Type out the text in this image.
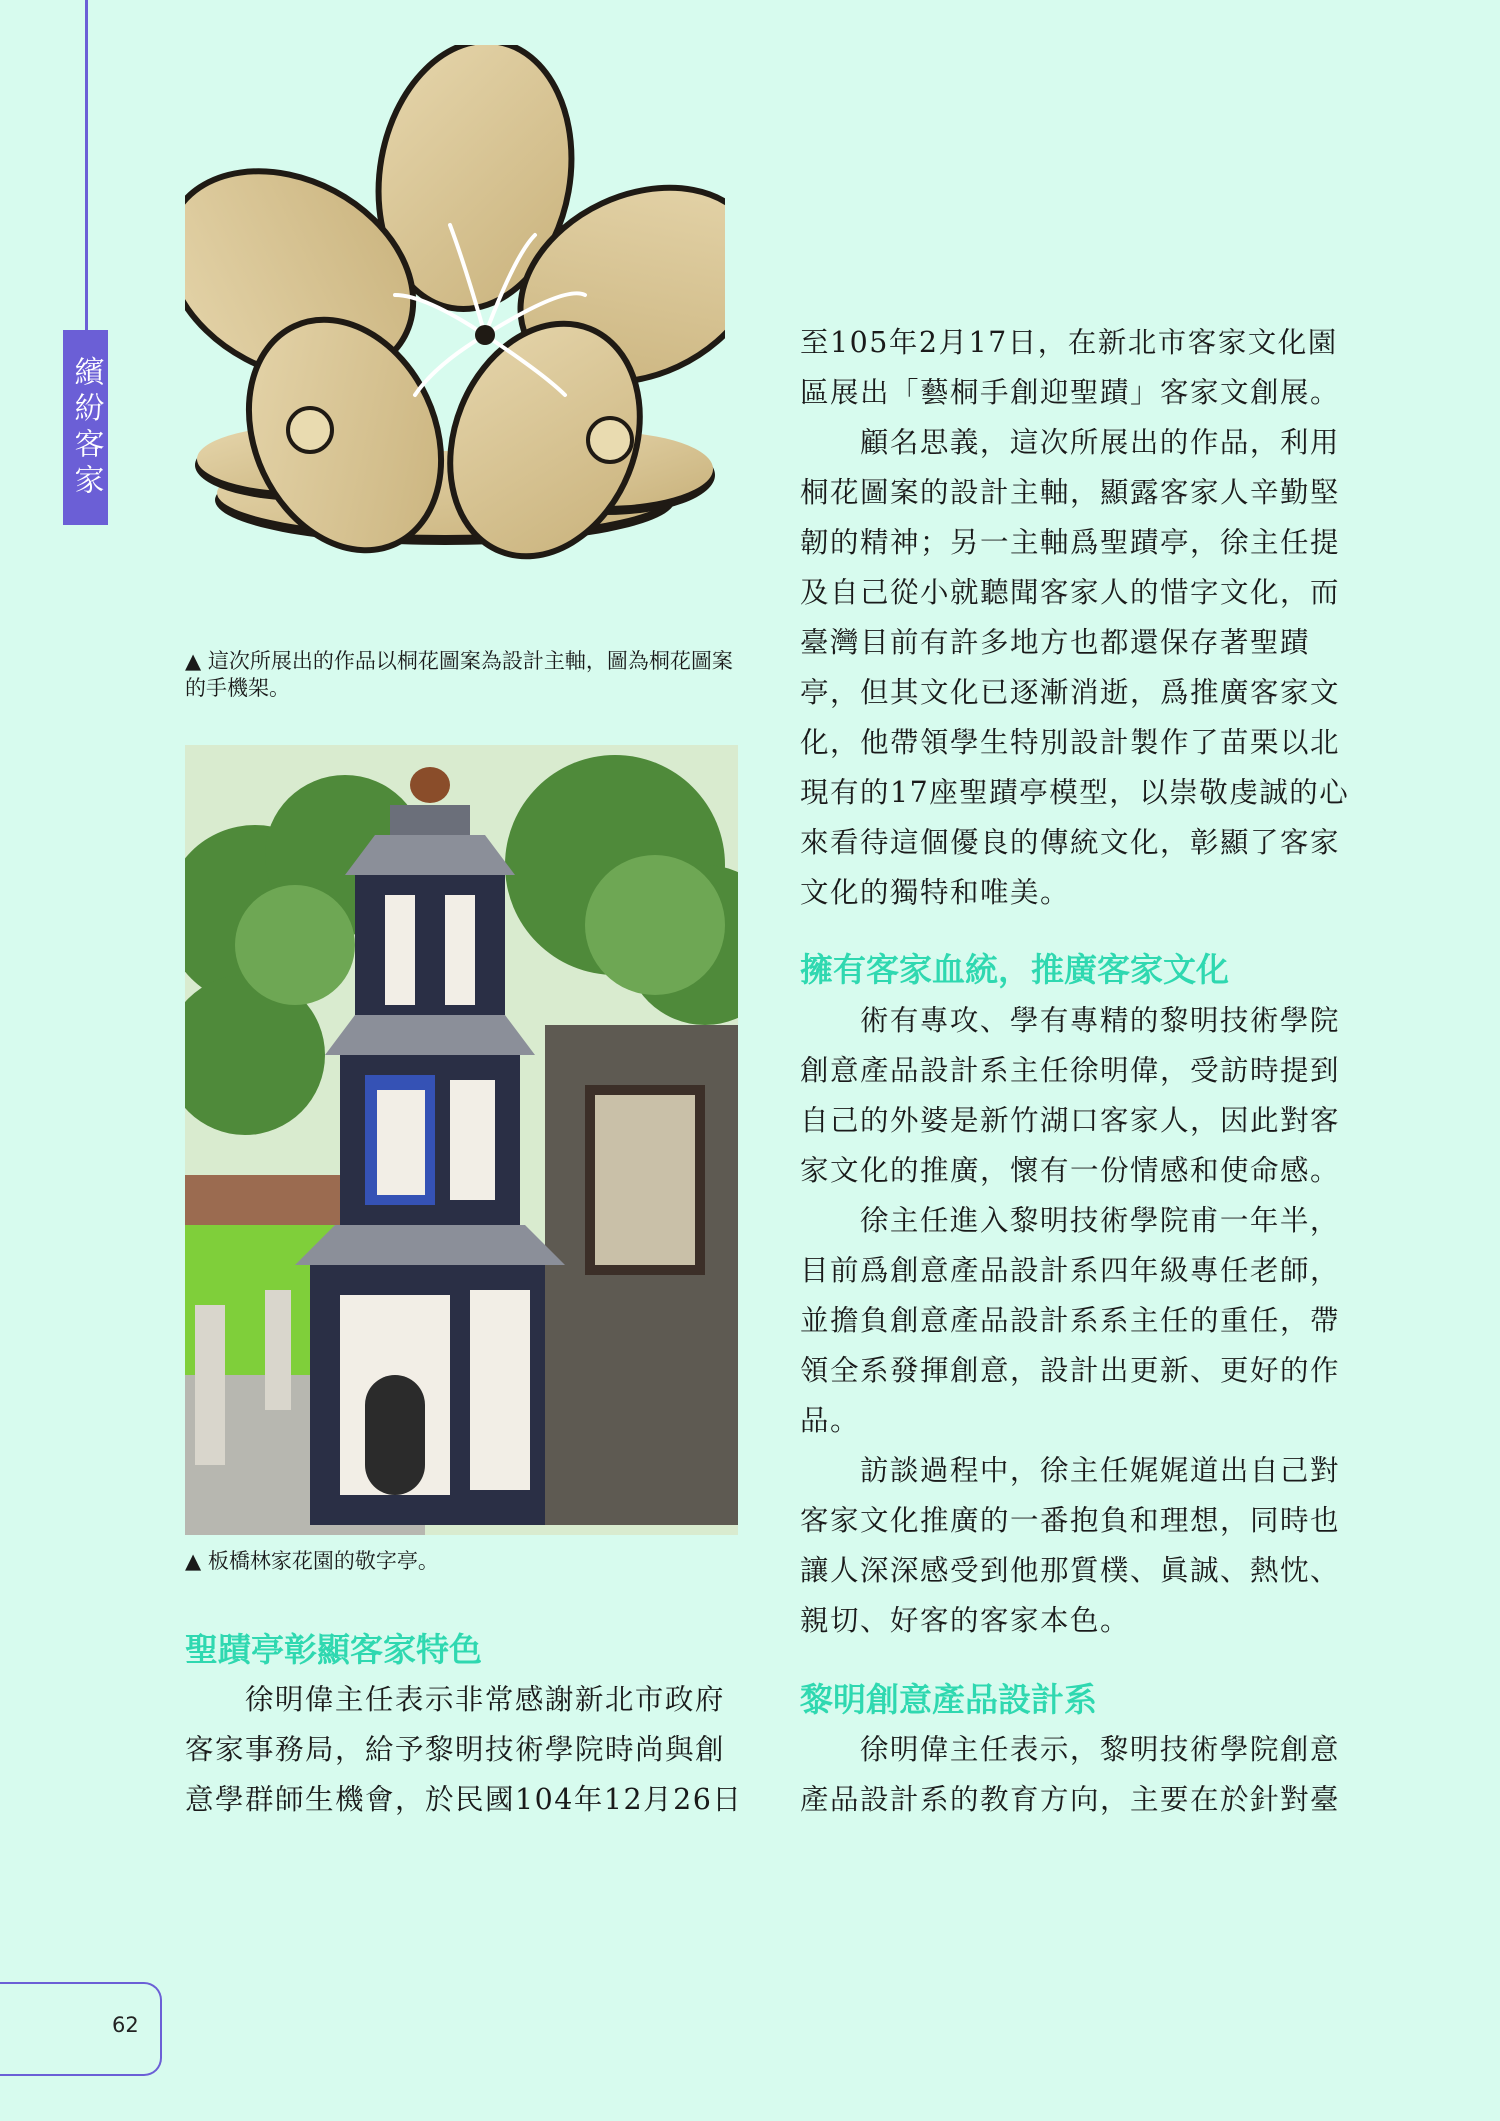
繽紛客家
▲ 這次所展出的作品以桐花圖案為設計主軸，圖為桐花圖案的手機架。
▲ 板橋林家花園的敬字亭。
聖蹟亭彰顯客家特色

徐明偉主任表示非常感謝新北市政府客家事務局，給予黎明技術學院時尚與創意學群師生機會，於民國104年12月26日

至105年2月17日，在新北市客家文化園區展出「藝桐手創迎聖蹟」客家文創展。

顧名思義，這次所展出的作品，利用桐花圖案的設計主軸，顯露客家人辛勤堅韌的精神；另一主軸爲聖蹟亭，徐主任提及自己從小就聽聞客家人的惜字文化，而臺灣目前有許多地方也都還保存著聖蹟亭，但其文化已逐漸消逝，爲推廣客家文化，他帶領學生特別設計製作了苗栗以北現有的17座聖蹟亭模型，以崇敬虔誠的心來看待這個優良的傳統文化，彰顯了客家文化的獨特和唯美。

擁有客家血統，推廣客家文化

術有專攻、學有專精的黎明技術學院創意產品設計系主任徐明偉，受訪時提到自己的外婆是新竹湖口客家人，因此對客家文化的推廣，懷有一份情感和使命感。

徐主任進入黎明技術學院甫一年半，目前爲創意產品設計系四年級專任老師，並擔負創意產品設計系系主任的重任，帶領全系發揮創意，設計出更新、更好的作品。

訪談過程中，徐主任娓娓道出自己對客家文化推廣的一番抱負和理想，同時也讓人深深感受到他那質樸、眞誠、熱忱、親切、好客的客家本色。

黎明創意產品設計系

徐明偉主任表示，黎明技術學院創意產品設計系的教育方向，主要在於針對臺

62
